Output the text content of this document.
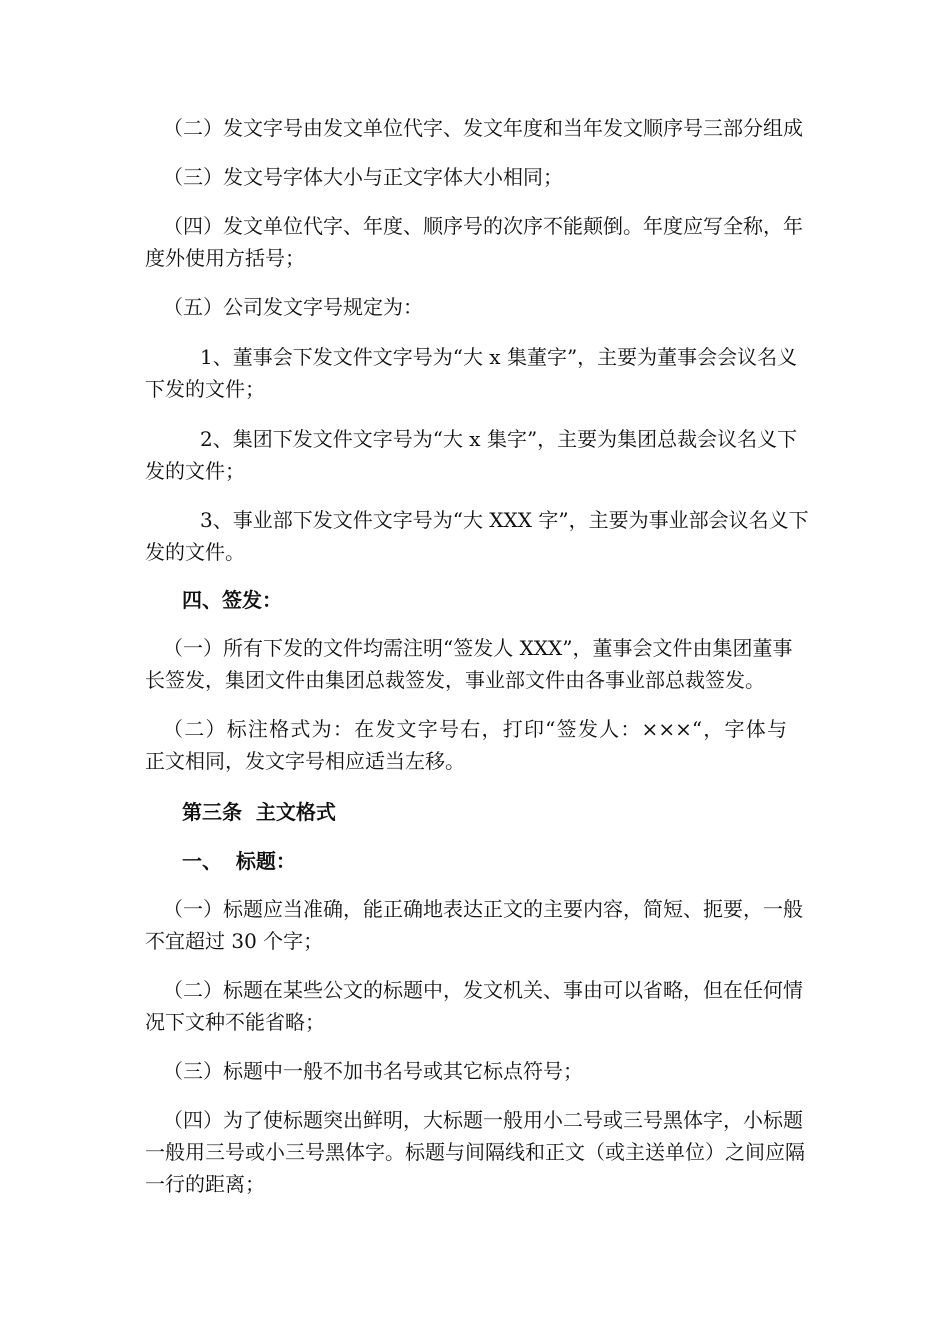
（二）发文字号由发文单位代字、发文年度和当年发文顺序号三部分组成
（三）发文号字体大小与正文字体大小相同；
（四）发文单位代字、年度、顺序号的次序不能颠倒。年度应写全称，年
度外使用方括号；
（五）公司发文字号规定为：
1、董事会下发文件文字号为“大 x 集董字”，主要为董事会会议名义
下发的文件；
2、集团下发文件文字号为“大 x 集字”，主要为集团总裁会议名义下
发的文件；
3、事业部下发文件文字号为“大 XXX 字”，主要为事业部会议名义下
发的文件。
四、签发：
（一）所有下发的文件均需注明“签发人 XXX”，董事会文件由集团董事
长签发，集团文件由集团总裁签发，事业部文件由各事业部总裁签发。
（二）标注格式为：在发文字号右，打印“签发人：×××“，字体与
正文相同，发文字号相应适当左移。
第三条  主文格式
一、  标题：
（一）标题应当准确，能正确地表达正文的主要内容，简短、扼要，一般
不宜超过 30 个字；
（二）标题在某些公文的标题中，发文机关、事由可以省略，但在任何情
况下文种不能省略；
（三）标题中一般不加书名号或其它标点符号；
（四）为了使标题突出鲜明，大标题一般用小二号或三号黑体字，小标题
一般用三号或小三号黑体字。标题与间隔线和正文（或主送单位）之间应隔
一行的距离；
